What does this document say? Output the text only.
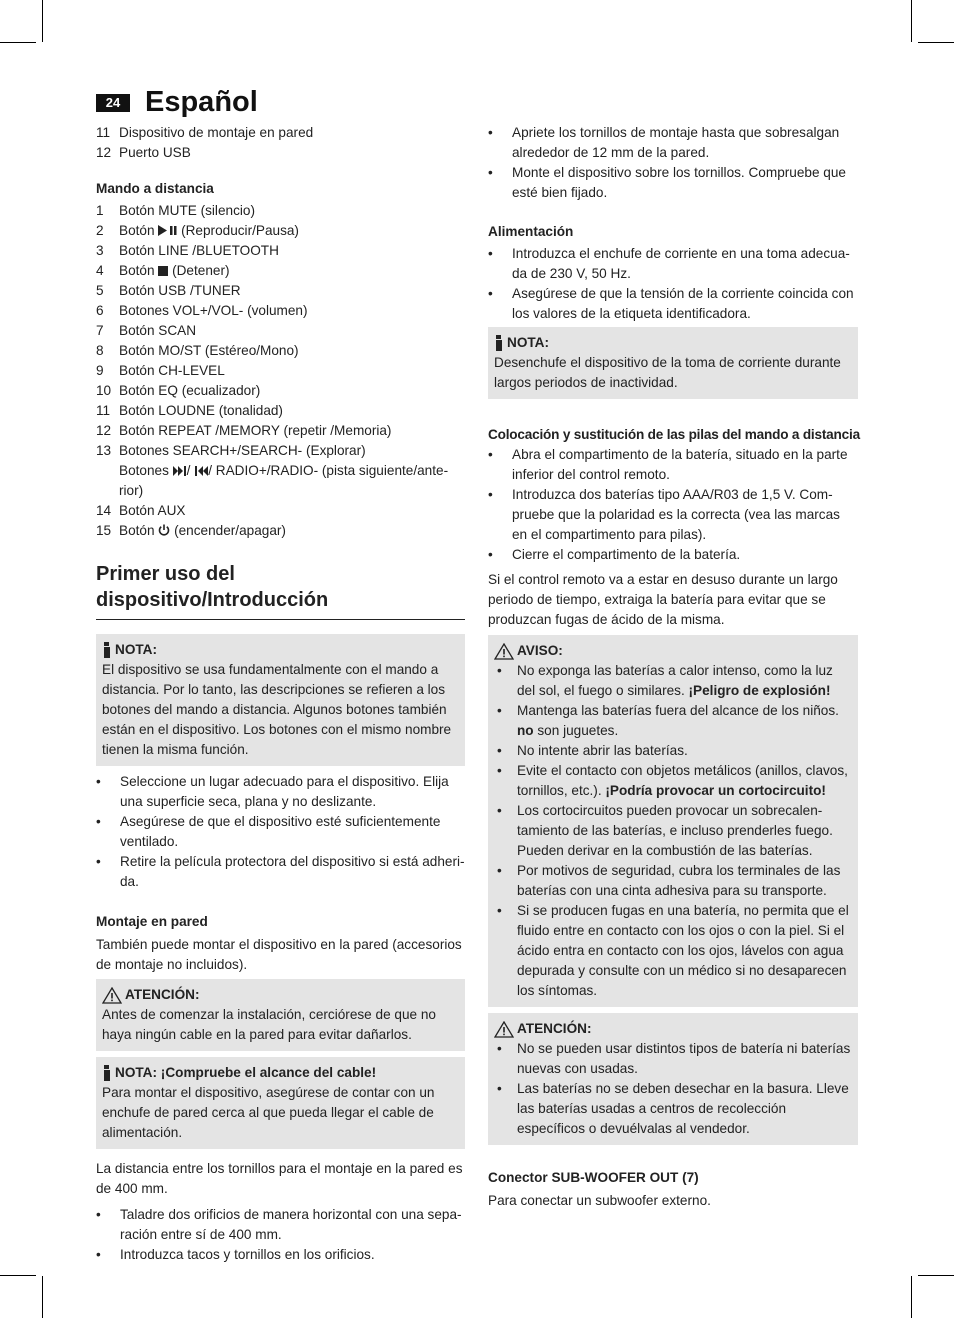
24 Español
11 Dispositivo de montaje en pared
12 Puerto USB

Mando a distancia

1	Botón MUTE (silencio)
2	Botón  (Reproducir/Pausa)
3	Botón LINE /BLUETOOTH
4	Botón  (Detener)
5	Botón USB /TUNER
6	Botones VOL+/VOL- (volumen)
7	Botón SCAN
8	Botón MO/ST (Estéreo/Mono)
9	Botón CH-LEVEL
10 Botón EQ (ecualizador)
11 Botón LOUDNE (tonalidad)
12 Botón REPEAT /MEMORY (repetir /Memoria)
13 Botones SEARCH+/SEARCH- (Explorar)
Botones / / RADIO+/RADIO- (pista siguiente/ante-
rior)
14 Botón AUX
15 Botón  (encender/apagar)
Primer uso del dispositivo/Introducción
NOTA:
El dispositivo se usa fundamentalmente con el mando a distancia. Por lo tanto, las descripciones se refieren a los botones del mando a distancia. Algunos botones también están en el dispositivo. Los botones con el mismo nombre tienen la misma función.
• Seleccione un lugar adecuado para el dispositivo. Elija una superficie seca, plana y no deslizante.
• Asegúrese de que el dispositivo esté suficientemente ventilado.
• Retire la película protectora del dispositivo si está adheri-da.

Montaje en pared

También puede montar el dispositivo en la pared (accesorios de montaje no incluidos).
ATENCIÓN:
Antes de comenzar la instalación, cerciórese de que no haya ningún cable en la pared para evitar dañarlos.
NOTA: ¡Compruebe el alcance del cable!
Para montar el dispositivo, asegúrese de contar con un enchufe de pared cerca al que pueda llegar el cable de alimentación.
La distancia entre los tornillos para el montaje en la pared es de 400 mm.
• Taladre dos orificios de manera horizontal con una sepa-ración entre sí de 400 mm.
• Introduzca tacos y tornillos en los orificios.
• Apriete los tornillos de montaje hasta que sobresalgan alrededor de 12 mm de la pared.
• Monte el dispositivo sobre los tornillos. Compruebe que esté bien fijado.

Alimentación

• Introduzca el enchufe de corriente en una toma adecua-da de 230 V, 50 Hz.
• Asegúrese de que la tensión de la corriente coincida con los valores de la etiqueta identificadora.
NOTA:
Desenchufe el dispositivo de la toma de corriente durante largos periodos de inactividad.

Colocación y sustitución de las pilas del mando a distancia

• Abra el compartimento de la batería, situado en la parte inferior del control remoto.
• Introduzca dos baterías tipo AAA/R03 de 1,5 V. Com-pruebe que la polaridad es la correcta (vea las marcas en el compartimento para pilas).
• Cierre el compartimento de la batería.
Si el control remoto va a estar en desuso durante un largo periodo de tiempo, extraiga la batería para evitar que se produzcan fugas de ácido de la misma.
AVISO:
• No exponga las baterías a calor intenso, como la luz del sol, el fuego o similares. ¡Peligro de explosión!
• Mantenga las baterías fuera del alcance de los niños. no son juguetes.
• No intente abrir las baterías.
• Evite el contacto con objetos metálicos (anillos, clavos, tornillos, etc.). ¡Podría provocar un cortocircuito!
• Los cortocircuitos pueden provocar un sobrecalen-tamiento de las baterías, e incluso prenderles fuego. Pueden derivar en la combustión de las baterías.
• Por motivos de seguridad, cubra los terminales de las baterías con una cinta adhesiva para su transporte.
• Si se producen fugas en una batería, no permita que el fluido entre en contacto con los ojos o con la piel. Si el ácido entra en contacto con los ojos, lávelos con agua depurada y consulte con un médico si no desaparecen los síntomas.
ATENCIÓN:
• No se pueden usar distintos tipos de batería ni baterías nuevas con usadas.
• Las baterías no se deben desechar en la basura. Lleve las baterías usadas a centros de recolección específicos o devuélvalas al vendedor.

Conector SUB-WOOFER OUT (7)

Para conectar un subwoofer externo.
